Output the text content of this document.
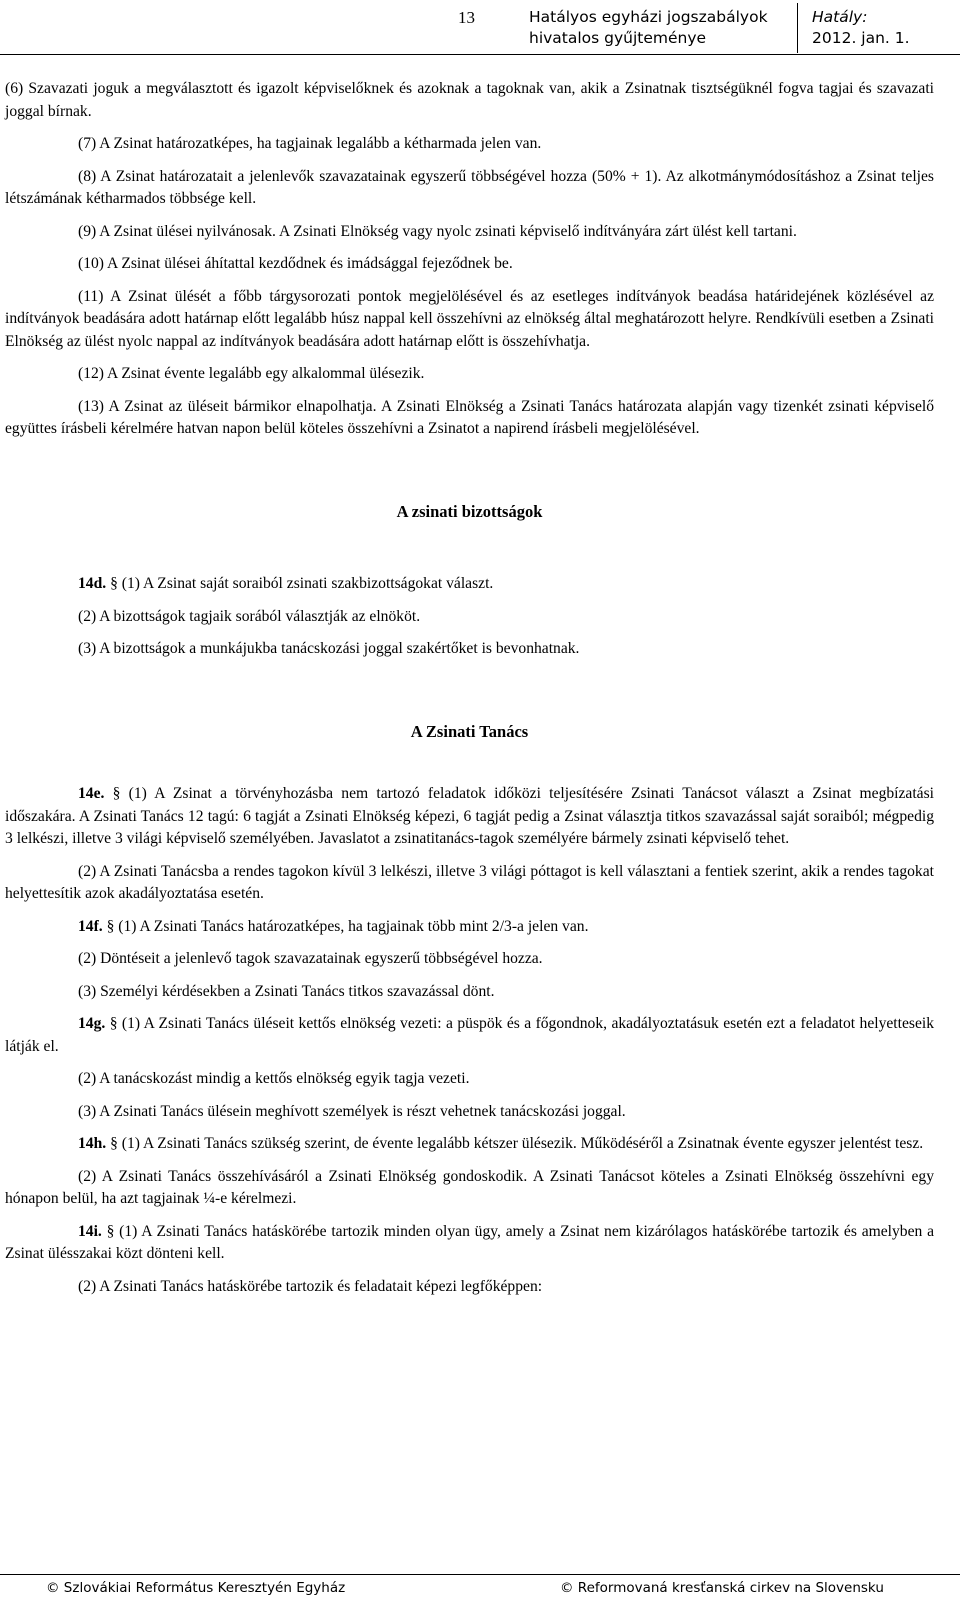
13	Hatályos egyházi jogszabályok
hivatalos gyűjteménye
Hatály:
2012. jan. 1.

(6) Szavazati joguk a megválasztott és igazolt képviselőknek és azoknak a tagoknak van, akik a Zsinatnak tisztségüknél fogva tagjai és szavazati joggal bírnak.

(7) A Zsinat határozatképes, ha tagjainak legalább a kétharmada jelen van.

(8) A Zsinat határozatait a jelenlevők szavazatainak egyszerű többségével hozza (50% + 1). Az alkotmánymódosításhoz a Zsinat teljes létszámának kétharmados többsége kell.

(9) A Zsinat ülései nyilvánosak. A Zsinati Elnökség vagy nyolc zsinati képviselő indítványára zárt ülést kell tartani.

(10) A Zsinat ülései áhítattal kezdődnek és imádsággal fejeződnek be.

(11) A Zsinat ülését a főbb tárgysorozati pontok megjelölésével és az esetleges indítványok beadása határidejének közlésével az indítványok beadására adott határnap előtt legalább húsz nappal kell összehívni az elnökség által meghatározott helyre. Rendkívüli esetben a Zsinati Elnökség az ülést nyolc nappal az indítványok beadására adott határnap előtt is összehívhatja.

(12) A Zsinat évente legalább egy alkalommal ülésezik.

(13) A Zsinat az üléseit bármikor elnapolhatja. A Zsinati Elnökség a Zsinati Tanács határozata alapján vagy tizenkét zsinati képviselő együttes írásbeli kérelmére hatvan napon belül köteles összehívni a Zsinatot a napirend írásbeli megjelölésével.

A zsinati bizottságok

14d. § (1) A Zsinat saját soraiból zsinati szakbizottságokat választ.

(2) A bizottságok tagjaik sorából választják az elnököt.

(3) A bizottságok a munkájukba tanácskozási joggal szakértőket is bevonhatnak.

A Zsinati Tanács

14e. § (1) A Zsinat a törvényhozásba nem tartozó feladatok időközi teljesítésére Zsinati Tanácsot választ a Zsinat megbízatási időszakára. A Zsinati Tanács 12 tagú: 6 tagját a Zsinati Elnökség képezi, 6 tagját pedig a Zsinat választja titkos szavazással saját soraiból; mégpedig 3 lelkészi, illetve 3 világi képviselő személyében. Javaslatot a zsinatitanács-tagok személyére bármely zsinati képviselő tehet.

(2) A Zsinati Tanácsba a rendes tagokon kívül 3 lelkészi, illetve 3 világi póttagot is kell választani a fentiek szerint, akik a rendes tagokat helyettesítik azok akadályoztatása esetén.

14f. § (1) A Zsinati Tanács határozatképes, ha tagjainak több mint 2/3-a jelen van.

(2) Döntéseit a jelenlevő tagok szavazatainak egyszerű többségével hozza.

(3) Személyi kérdésekben a Zsinati Tanács titkos szavazással dönt.

14g. § (1) A Zsinati Tanács üléseit kettős elnökség vezeti: a püspök és a főgondnok, akadályoztatásuk esetén ezt a feladatot helyetteseik látják el.

(2) A tanácskozást mindig a kettős elnökség egyik tagja vezeti.

(3) A Zsinati Tanács ülésein meghívott személyek is részt vehetnek tanácskozási joggal.

14h. § (1) A Zsinati Tanács szükség szerint, de évente legalább kétszer ülésezik. Működéséről a Zsinatnak évente egyszer jelentést tesz.

(2) A Zsinati Tanács összehívásáról a Zsinati Elnökség gondoskodik. A Zsinati Tanácsot köteles a Zsinati Elnökség összehívni egy hónapon belül, ha azt tagjainak ¼-e kérelmezi.

14i. § (1) A Zsinati Tanács hatáskörébe tartozik minden olyan ügy, amely a Zsinat nem kizárólagos hatáskörébe tartozik és amelyben a Zsinat ülésszakai közt dönteni kell.

(2) A Zsinati Tanács hatáskörébe tartozik és feladatait képezi legfőképpen:

© Szlovákiai Református Keresztyén Egyház	© Reformovaná kresťanská cirkev na Slovensku
